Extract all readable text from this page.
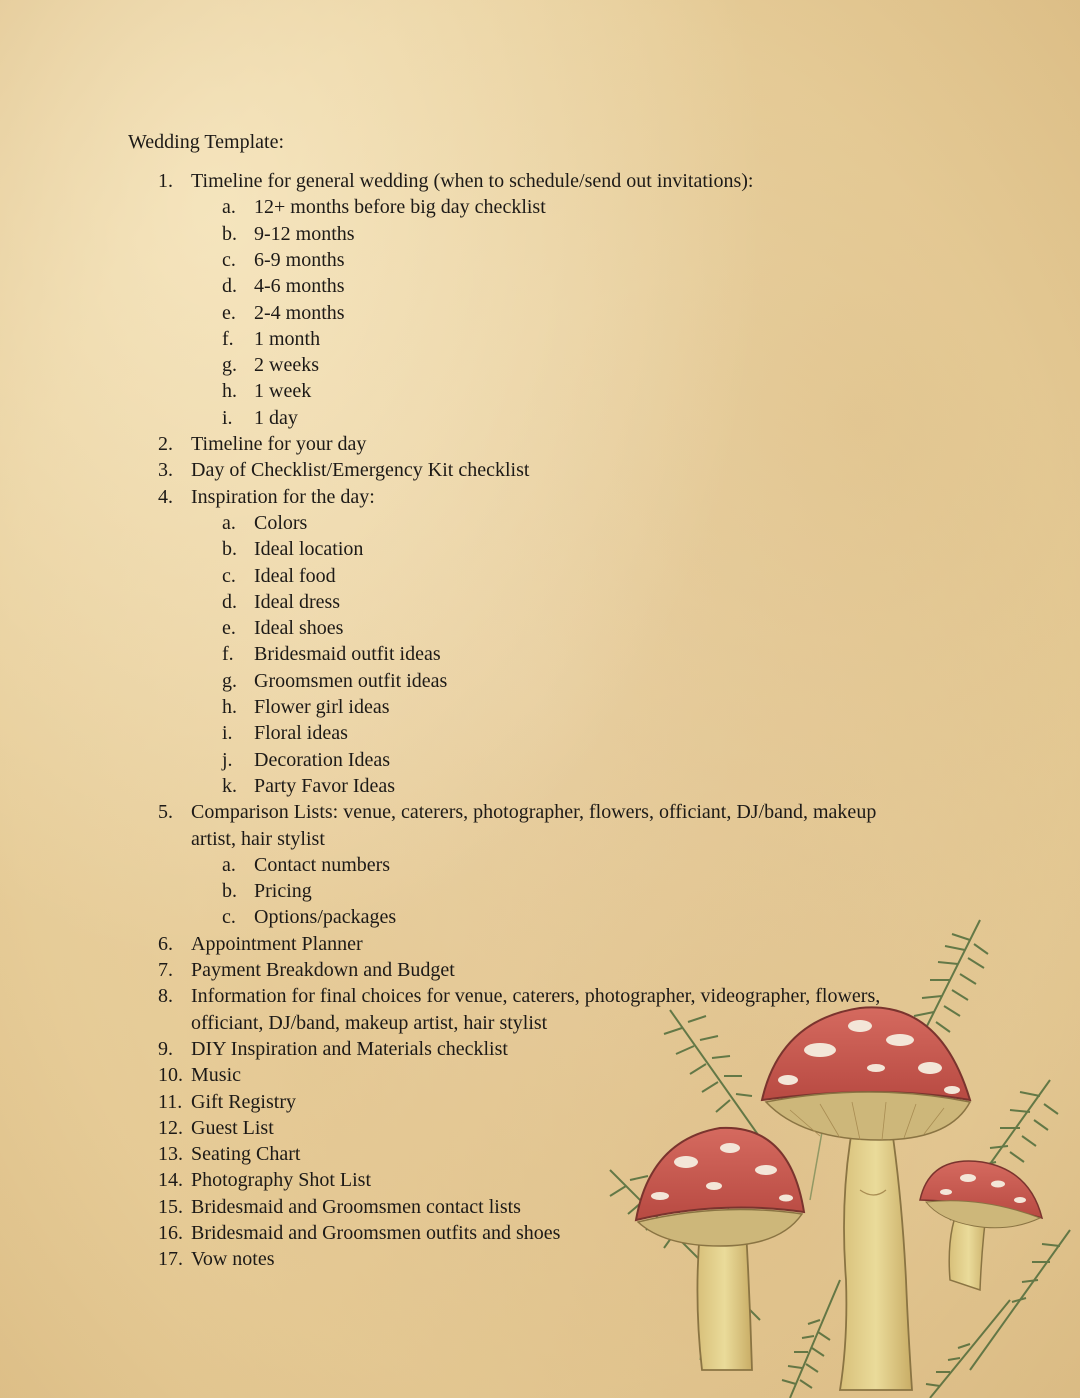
Wedding Template:
1. Timeline for general wedding (when to schedule/send out invitations):
a. 12+ months before big day checklist
b. 9-12 months
c. 6-9 months
d. 4-6 months
e. 2-4 months
f. 1 month
g. 2 weeks
h. 1 week
i. 1 day
2. Timeline for your day
3. Day of Checklist/Emergency Kit checklist
4. Inspiration for the day:
a. Colors
b. Ideal location
c. Ideal food
d. Ideal dress
e. Ideal shoes
f. Bridesmaid outfit ideas
g. Groomsmen outfit ideas
h. Flower girl ideas
i. Floral ideas
j. Decoration Ideas
k. Party Favor Ideas
5. Comparison Lists: venue, caterers, photographer, flowers, officiant, DJ/band, makeup
artist, hair stylist
a. Contact numbers
b. Pricing
c. Options/packages
6. Appointment Planner
7. Payment Breakdown and Budget
8. Information for final choices for venue, caterers, photographer, videographer, flowers,
officiant, DJ/band, makeup artist, hair stylist
9. DIY Inspiration and Materials checklist
10. Music
11. Gift Registry
12. Guest List
13. Seating Chart
14. Photography Shot List
15. Bridesmaid and Groomsmen contact lists
16. Bridesmaid and Groomsmen outfits and shoes
17. Vow notes
